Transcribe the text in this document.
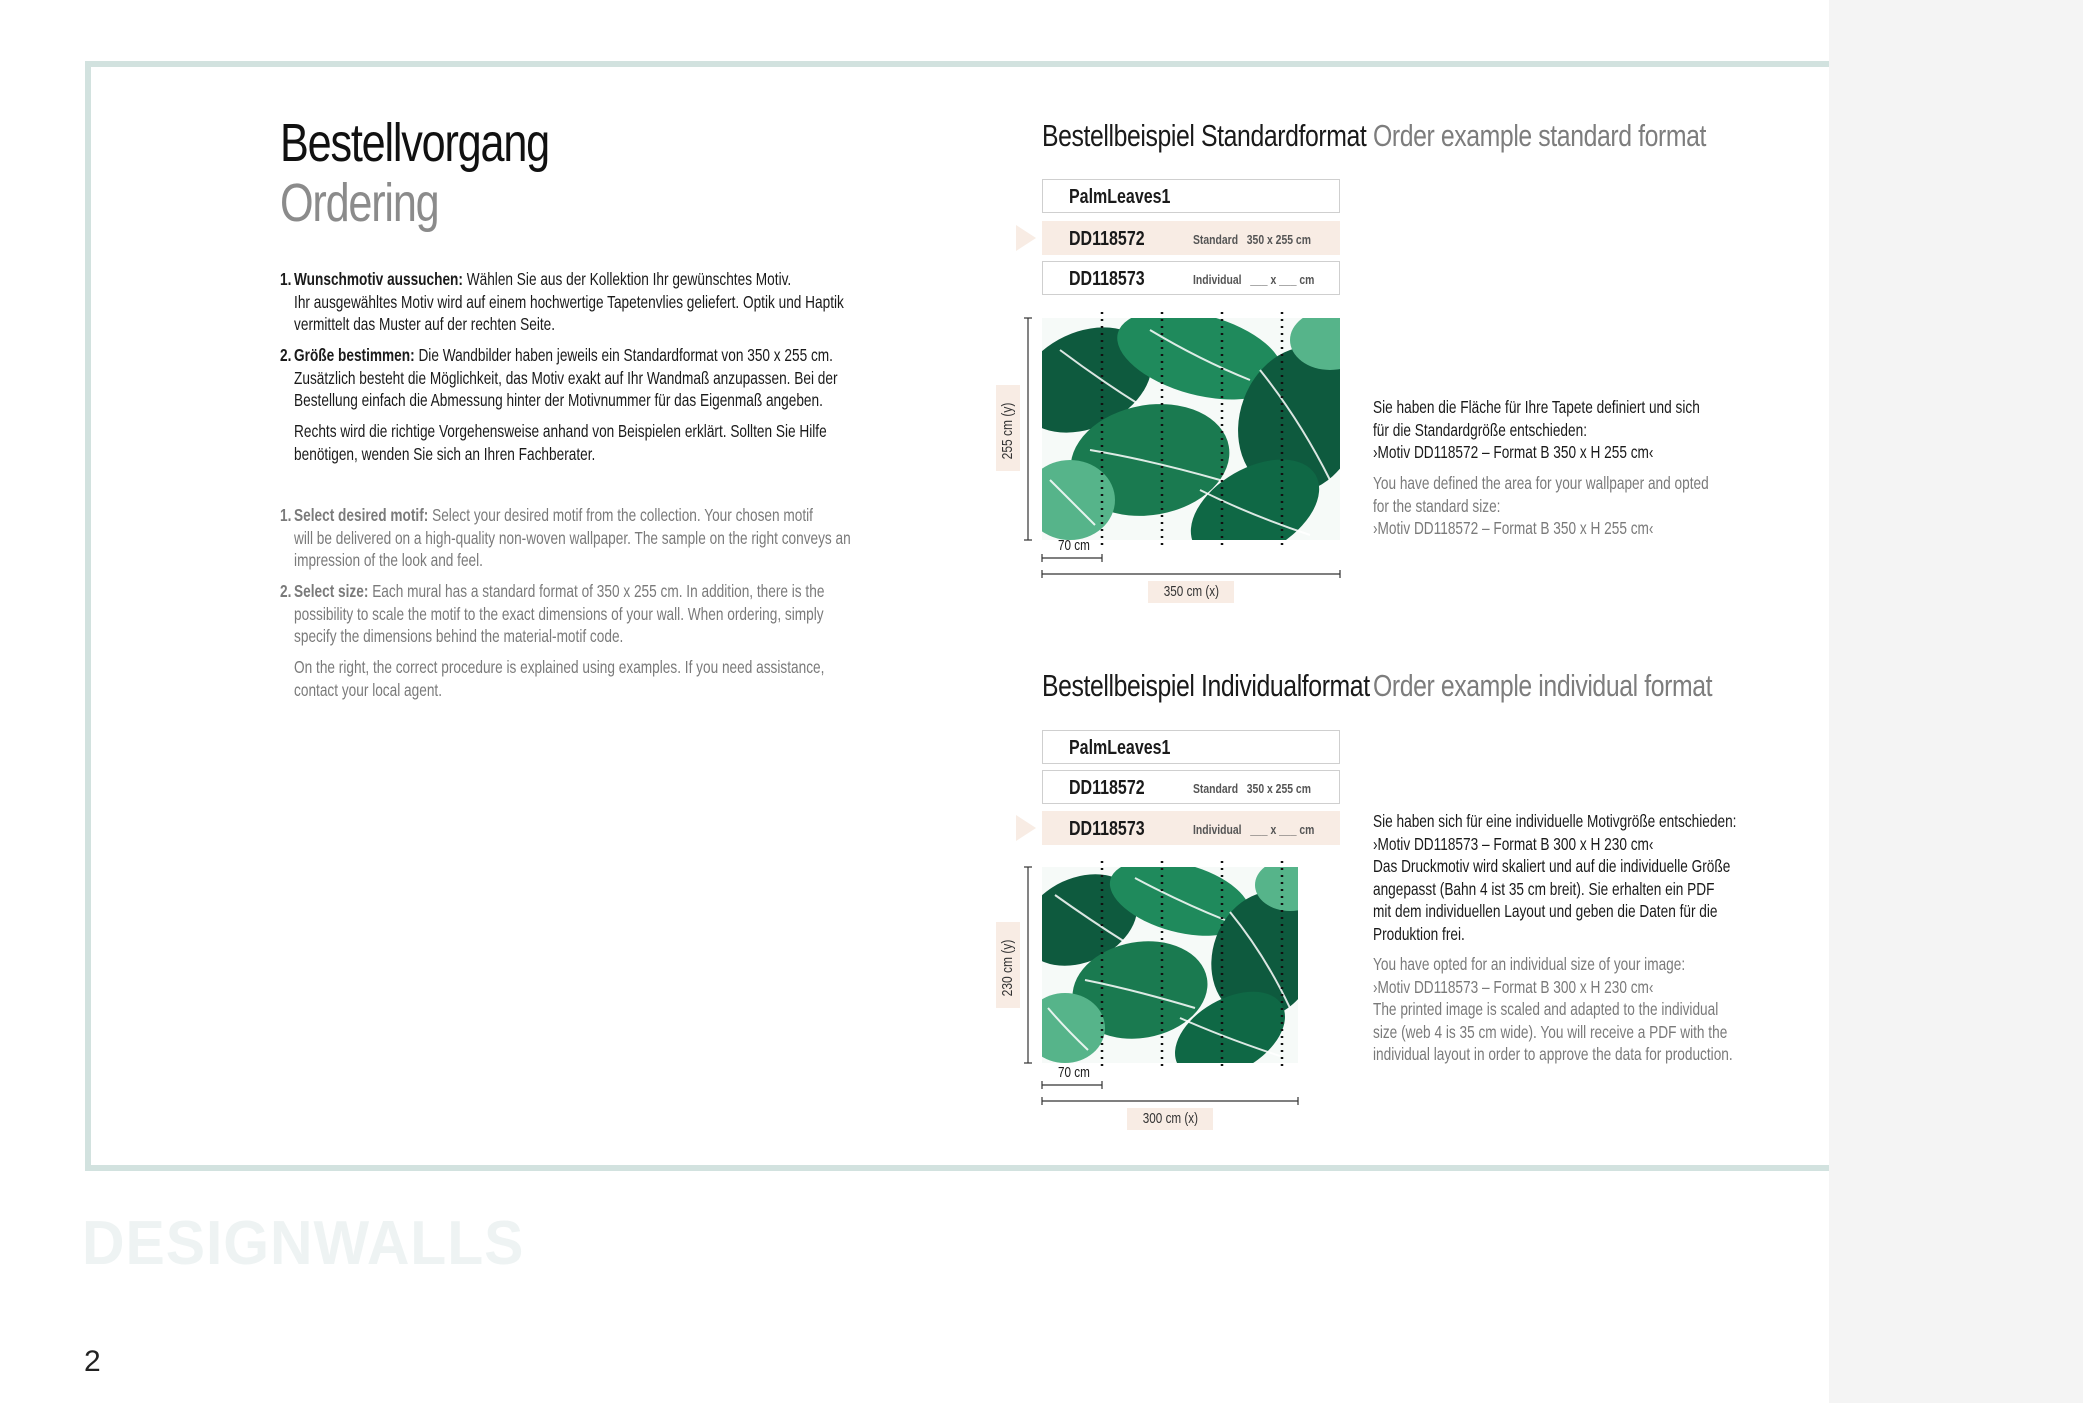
Bestellvorgang
Ordering
1. Wunschmotiv aussuchen: Wählen Sie aus der Kollektion Ihr gewünschtes Motiv.
Ihr ausgewähltes Motiv wird auf einem hochwertige Tapetenvlies geliefert. Optik und Haptik
vermittelt das Muster auf der rechten Seite.
2. Größe bestimmen: Die Wandbilder haben jeweils ein Standardformat von 350 x 255 cm.
Zusätzlich besteht die Möglichkeit, das Motiv exakt auf Ihr Wandmaß anzupassen. Bei der
Bestellung einfach die Abmessung hinter der Motivnummer für das Eigenmaß angeben.
Rechts wird die richtige Vorgehensweise anhand von Beispielen erklärt. Sollten Sie Hilfe
benötigen, wenden Sie sich an Ihren Fachberater.
1. Select desired motif: Select your desired motif from the collection. Your chosen motif
will be delivered on a high-quality non-woven wallpaper. The sample on the right conveys an
impression of the look and feel.
2. Select size: Each mural has a standard format of 350 x 255 cm. In addition, there is the
possibility to scale the motif to the exact dimensions of your wall. When ordering, simply
specify the dimensions behind the material-motif code.
On the right, the correct procedure is explained using examples. If you need assistance,
contact your local agent.
Bestellbeispiel Standardformat Order example standard format
PalmLeaves1
DD118572	Standard 350 x 255 cm
DD118573	Individual ___ x ___ cm
255 cm (y)
70 cm
350 cm (x)
Sie haben die Fläche für Ihre Tapete definiert und sich
für die Standardgröße entschieden:
›Motiv DD118572 – Format B 350 x H 255 cm‹
You have defined the area for your wallpaper and opted
for the standard size:
›Motiv DD118572 – Format B 350 x H 255 cm‹
Bestellbeispiel Individualformat Order example individual format
PalmLeaves1
DD118572	Standard 350 x 255 cm
DD118573	Individual ___ x ___ cm
230 cm (y)
70 cm
300 cm (x)
Sie haben sich für eine individuelle Motivgröße entschieden:
›Motiv DD118573 – Format B 300 x H 230 cm‹
Das Druckmotiv wird skaliert und auf die individuelle Größe
angepasst (Bahn 4 ist 35 cm breit). Sie erhalten ein PDF
mit dem individuellen Layout und geben die Daten für die
Produktion frei.
You have opted for an individual size of your image:
›Motiv DD118573 – Format B 300 x H 230 cm‹
The printed image is scaled and adapted to the individual
size (web 4 is 35 cm wide). You will receive a PDF with the
individual layout in order to approve the data for production.
DESIGNWALLS
2
